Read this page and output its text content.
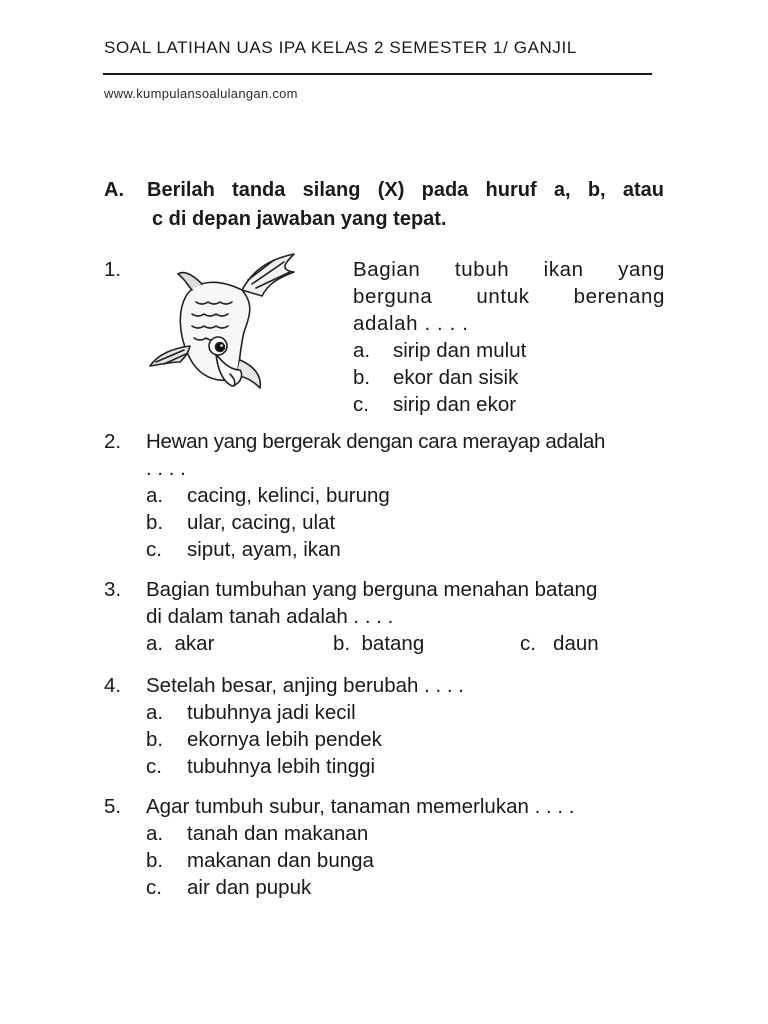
SOAL LATIHAN UAS IPA KELAS 2 SEMESTER 1/ GANJIL
www.kumpulansoalulangan.com
A. Berilah tanda silang (X) pada huruf a, b, atau
c di depan jawaban yang tepat.
1.	Bagian tubuh ikan yang
berguna untuk berenang
adalah . . . .
a. sirip dan mulut
b. ekor dan sisik
c. sirip dan ekor
2. Hewan yang bergerak dengan cara merayap adalah
. . . .
a. cacing, kelinci, burung
b. ular, cacing, ulat
c. siput, ayam, ikan
3. Bagian tumbuhan yang berguna menahan batang
di dalam tanah adalah . . . .
a. akar	b. batang	c. daun
4. Setelah besar, anjing berubah . . . .
a. tubuhnya jadi kecil
b. ekornya lebih pendek
c. tubuhnya lebih tinggi
5. Agar tumbuh subur, tanaman memerlukan . . . .
a. tanah dan makanan
b. makanan dan bunga
c. air dan pupuk
